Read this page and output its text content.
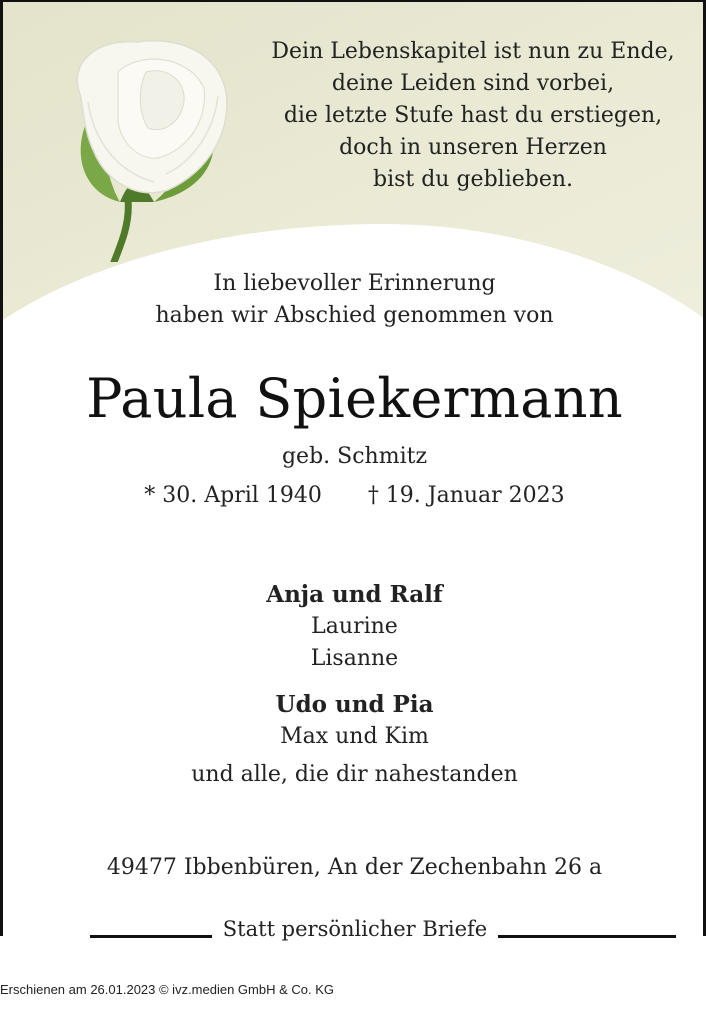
Dein Lebenskapitel ist nun zu Ende,
deine Leiden sind vorbei,
die letzte Stufe hast du erstiegen,
doch in unseren Herzen
bist du geblieben.
In liebevoller Erinnerung
haben wir Abschied genommen von
Paula Spiekermann
geb. Schmitz
* 30. April 1940 † 19. Januar 2023
Anja und Ralf
Laurine
Lisanne
Udo und Pia
Max und Kim
und alle, die dir nahestanden
49477 Ibbenbüren, An der Zechenbahn 26 a
Statt persönlicher Briefe
Erschienen am 26.01.2023 © ivz.medien GmbH & Co. KG
